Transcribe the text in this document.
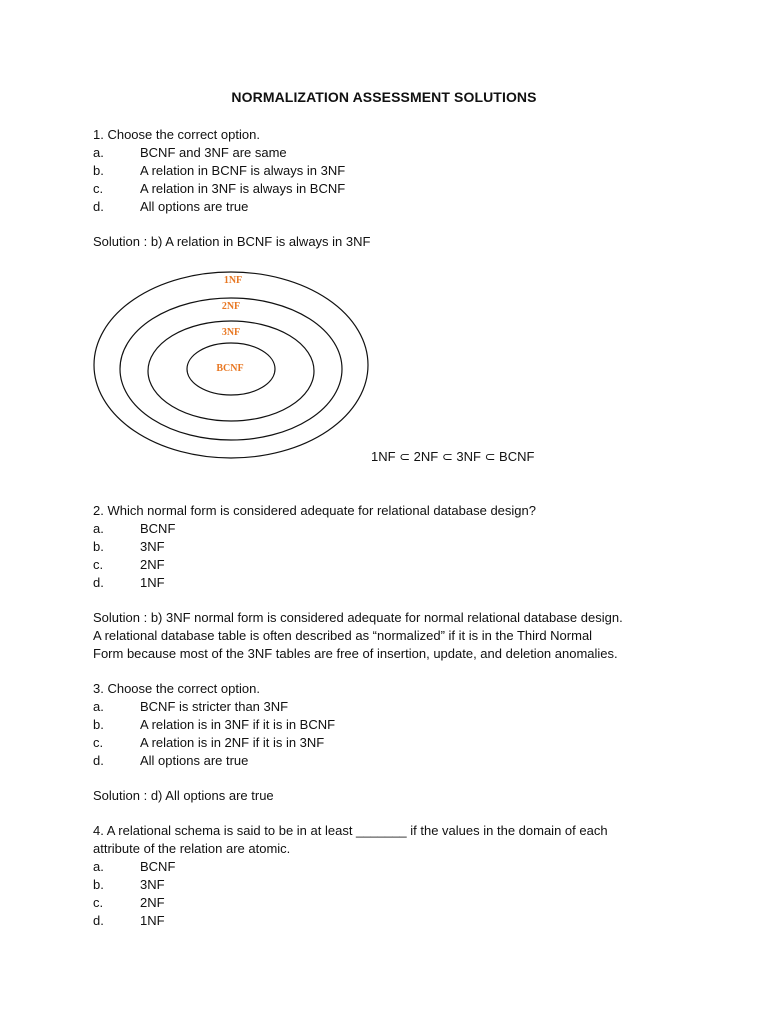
NORMALIZATION ASSESSMENT SOLUTIONS
1. Choose the correct option.
a.	BCNF and 3NF are same
b.	A relation in BCNF is always in 3NF
c.	A relation in 3NF is always in BCNF
d.	All options are true
Solution : b) A relation in BCNF is always in 3NF
1NF
2NF
3NF
BCNF
1NF ⊂ 2NF ⊂ 3NF ⊂ BCNF
2. Which normal form is considered adequate for relational database design?
a.	BCNF
b.	3NF
c.	2NF
d.	1NF
Solution : b) 3NF normal form is considered adequate for normal relational database design.
A relational database table is often described as “normalized” if it is in the Third Normal
Form because most of the 3NF tables are free of insertion, update, and deletion anomalies.
3. Choose the correct option.
a.	BCNF is stricter than 3NF
b.	A relation is in 3NF if it is in BCNF
c.	A relation is in 2NF if it is in 3NF
d.	All options are true
Solution : d) All options are true
4. A relational schema is said to be in at least _______ if the values in the domain of each
attribute of the relation are atomic.
a.	BCNF
b.	3NF
c.	2NF
d.	1NF
